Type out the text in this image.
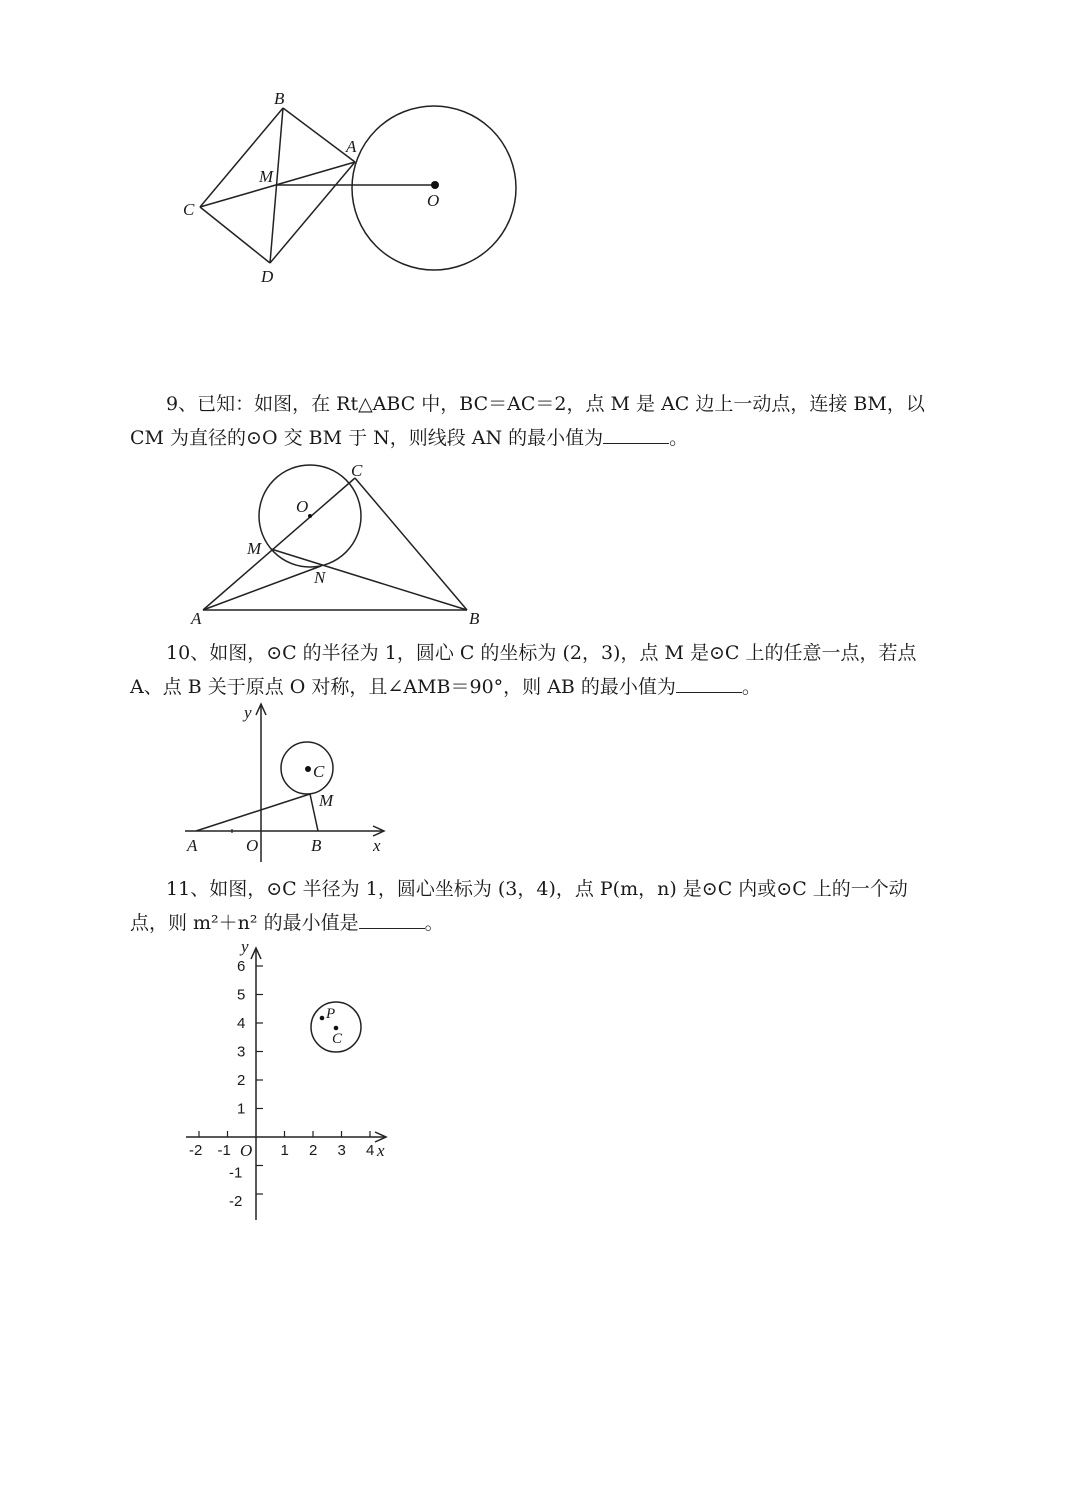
B
A
M
C
D
O
9、已知：如图，在 Rt△ABC 中，BC＝AC＝2，点 M 是 AC 边上一动点，连接 BM，以
CM 为直径的⊙O 交 BM 于 N，则线段 AN 的最小值为	。
C
O
M
N
A	B
10、如图，⊙C 的半径为 1，圆心 C 的坐标为 (2，3)，点 M 是⊙C 上的任意一点，若点
A、点 B 关于原点 O 对称，且∠AMB＝90°，则 AB 的最小值为	。
y
C
M
A	O	B	x
11、如图，⊙C 半径为 1，圆心坐标为 (3，4)，点 P(m，n) 是⊙C 内或⊙C 上的一个动
点，则 m²＋n² 的最小值是	。
6
5
4
3
2
1
-1
-2
-2 -1	1 2 3 4
y
x
P
C
O
